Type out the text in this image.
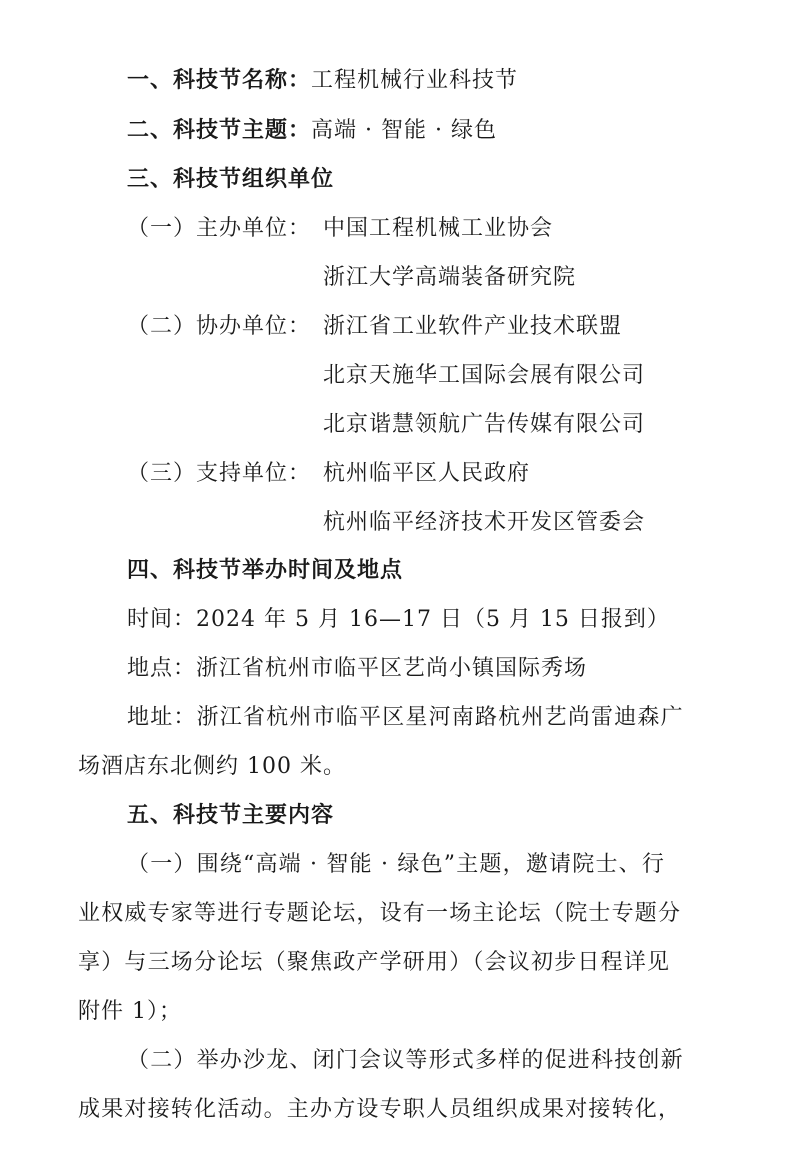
一、科技节名称：工程机械行业科技节
二、科技节主题：高端 · 智能 · 绿色
三、科技节组织单位
（一）主办单位： 中国工程机械工业协会
浙江大学高端装备研究院
（二）协办单位： 浙江省工业软件产业技术联盟
北京天施华工国际会展有限公司
北京谐慧领航广告传媒有限公司
（三）支持单位： 杭州临平区人民政府
杭州临平经济技术开发区管委会
四、科技节举办时间及地点
时间：2024 年 5 月 16—17 日（5 月 15 日报到）
地点：浙江省杭州市临平区艺尚小镇国际秀场
地址：浙江省杭州市临平区星河南路杭州艺尚雷迪森广
场酒店东北侧约 100 米。
五、科技节主要内容
（一）围绕“高端 · 智能 · 绿色”主题，邀请院士、行
业权威专家等进行专题论坛，设有一场主论坛（院士专题分
享）与三场分论坛（聚焦政产学研用）（会议初步日程详见
附件 1）；
（二）举办沙龙、闭门会议等形式多样的促进科技创新
成果对接转化活动。主办方设专职人员组织成果对接转化，
